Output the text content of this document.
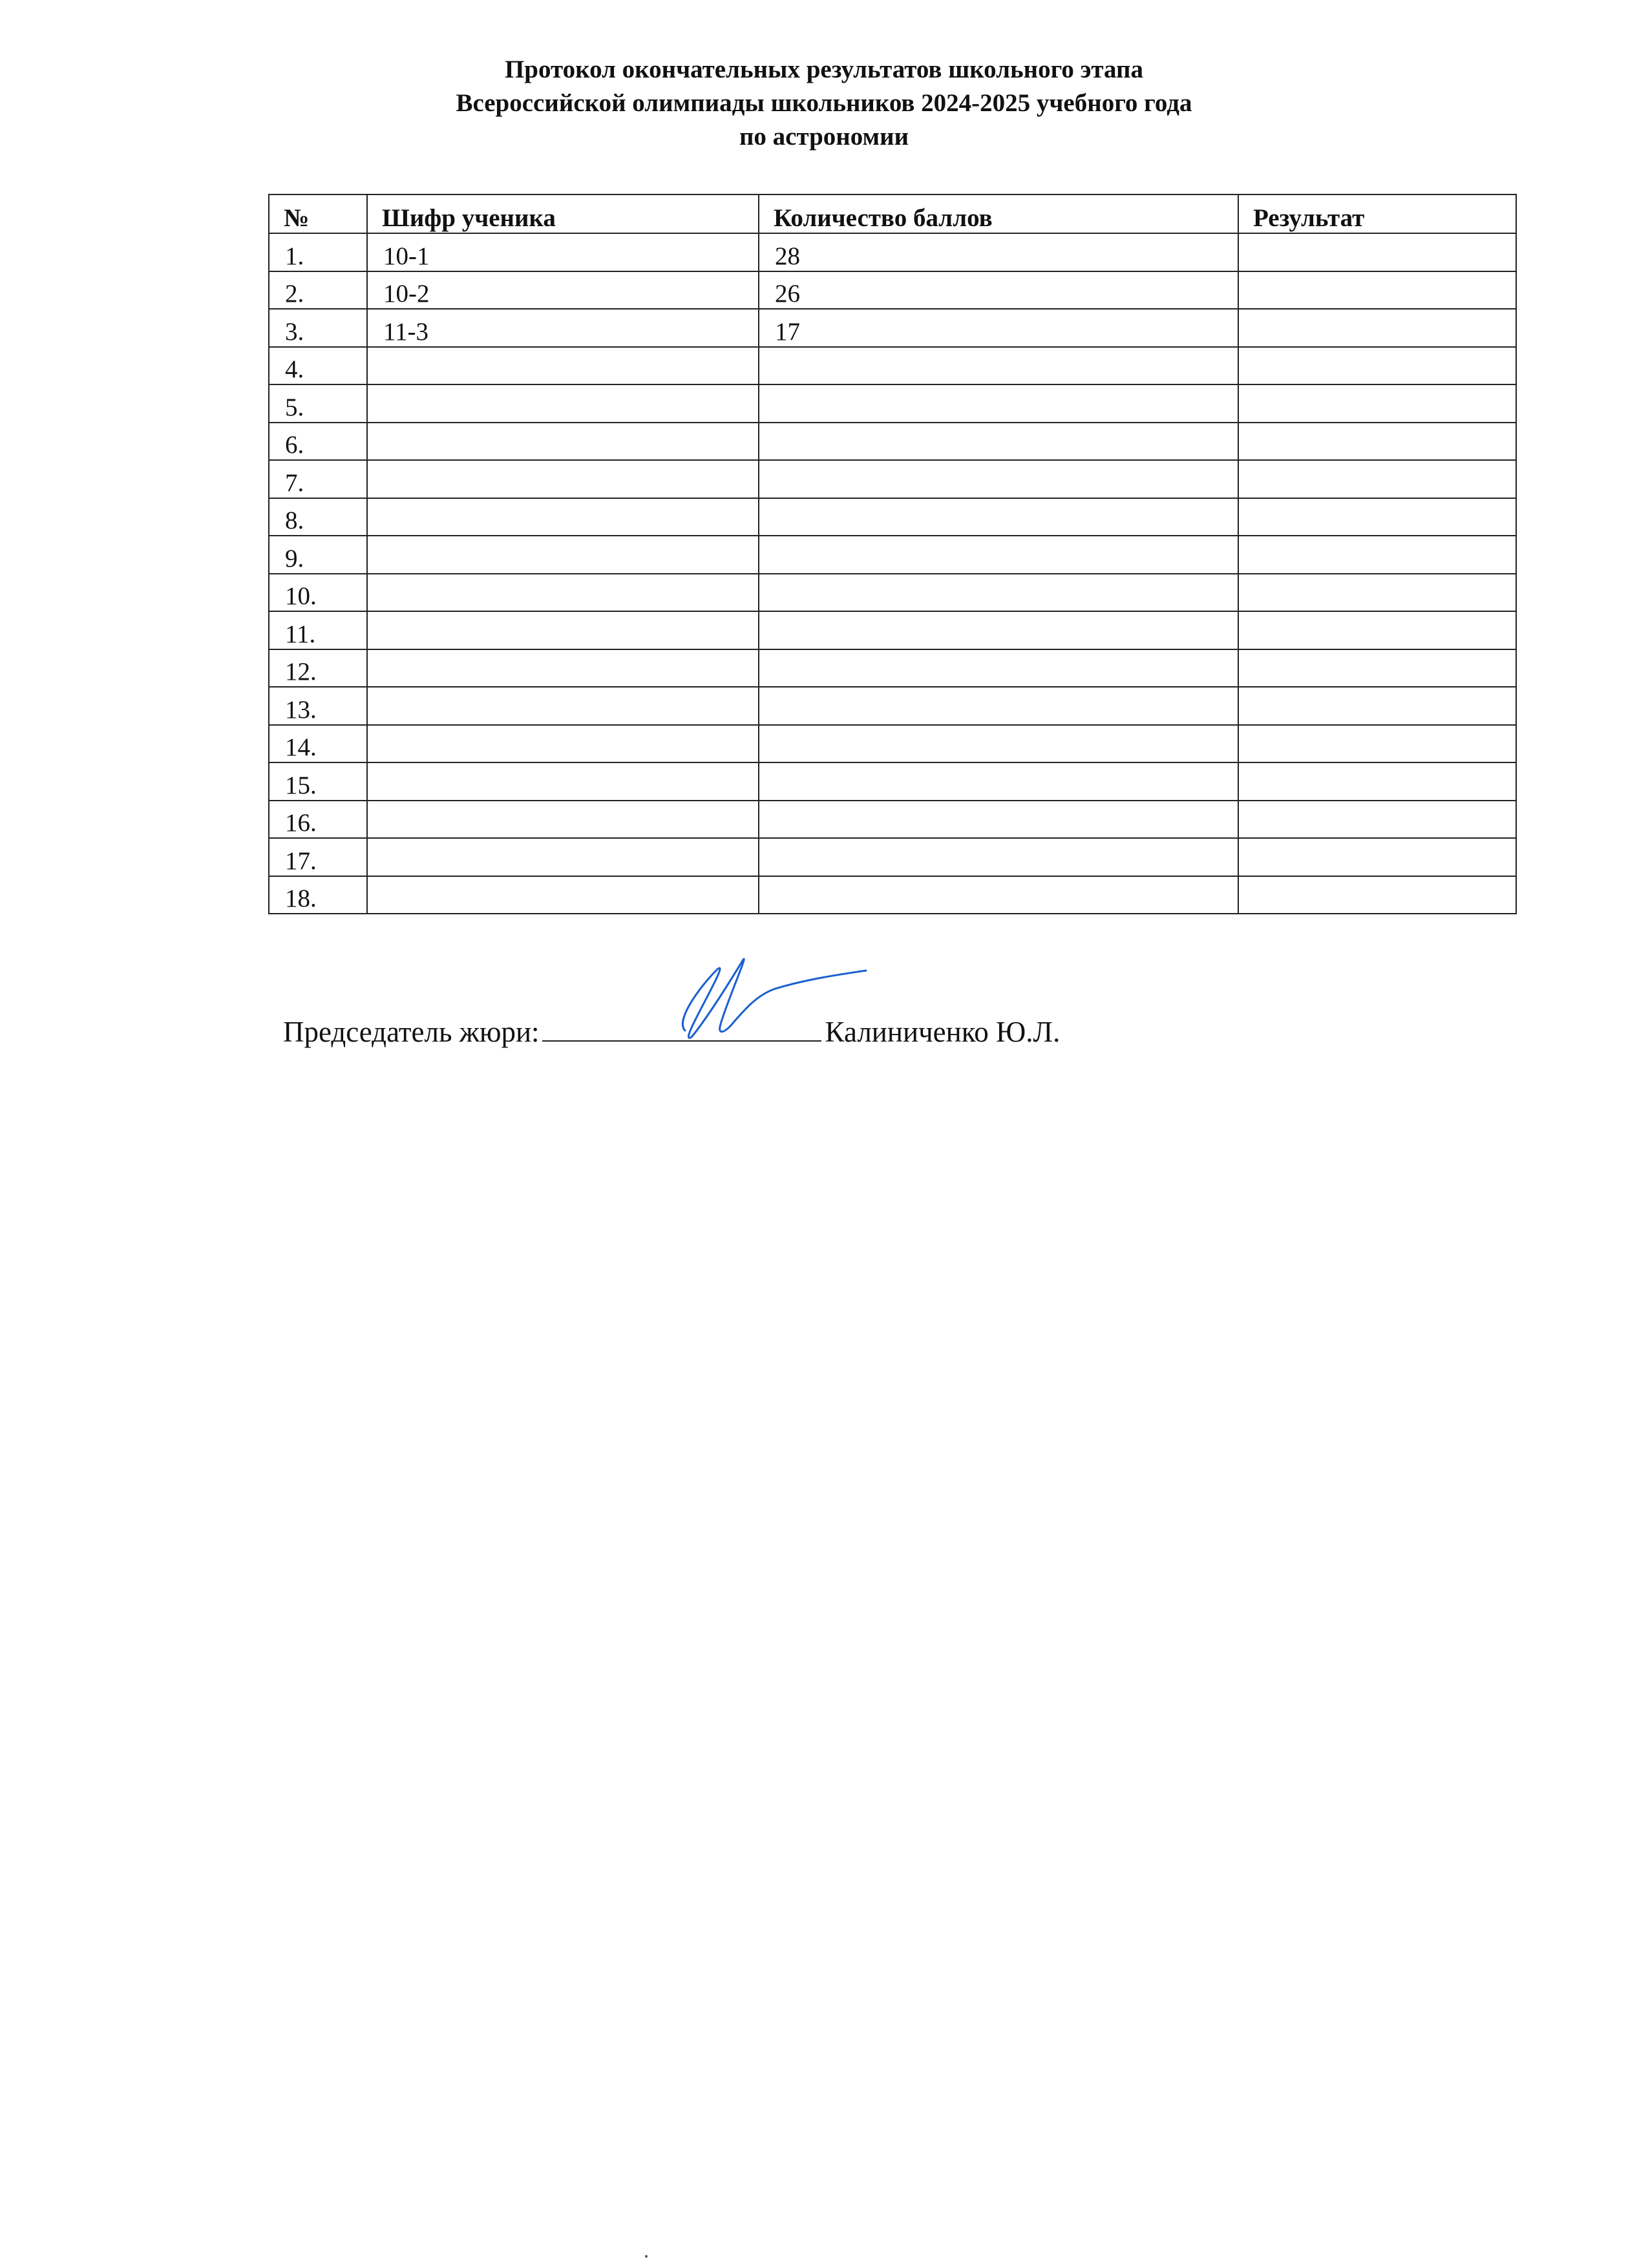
Протокол окончательных результатов школьного этапа
Всероссийской олимпиады школьников 2024-2025 учебного года
по астрономии
№	Шифр ученика	Количество баллов	Результат
1.	10-1	28	
2.	10-2	26	
3.	11-3	17	
4.			
5.			
6.			
7.			
8.			
9.			
10.			
11.			
12.			
13.			
14.			
15.			
16.			
17.			
18.			
Председатель жюри:	Калиниченко Ю.Л.
